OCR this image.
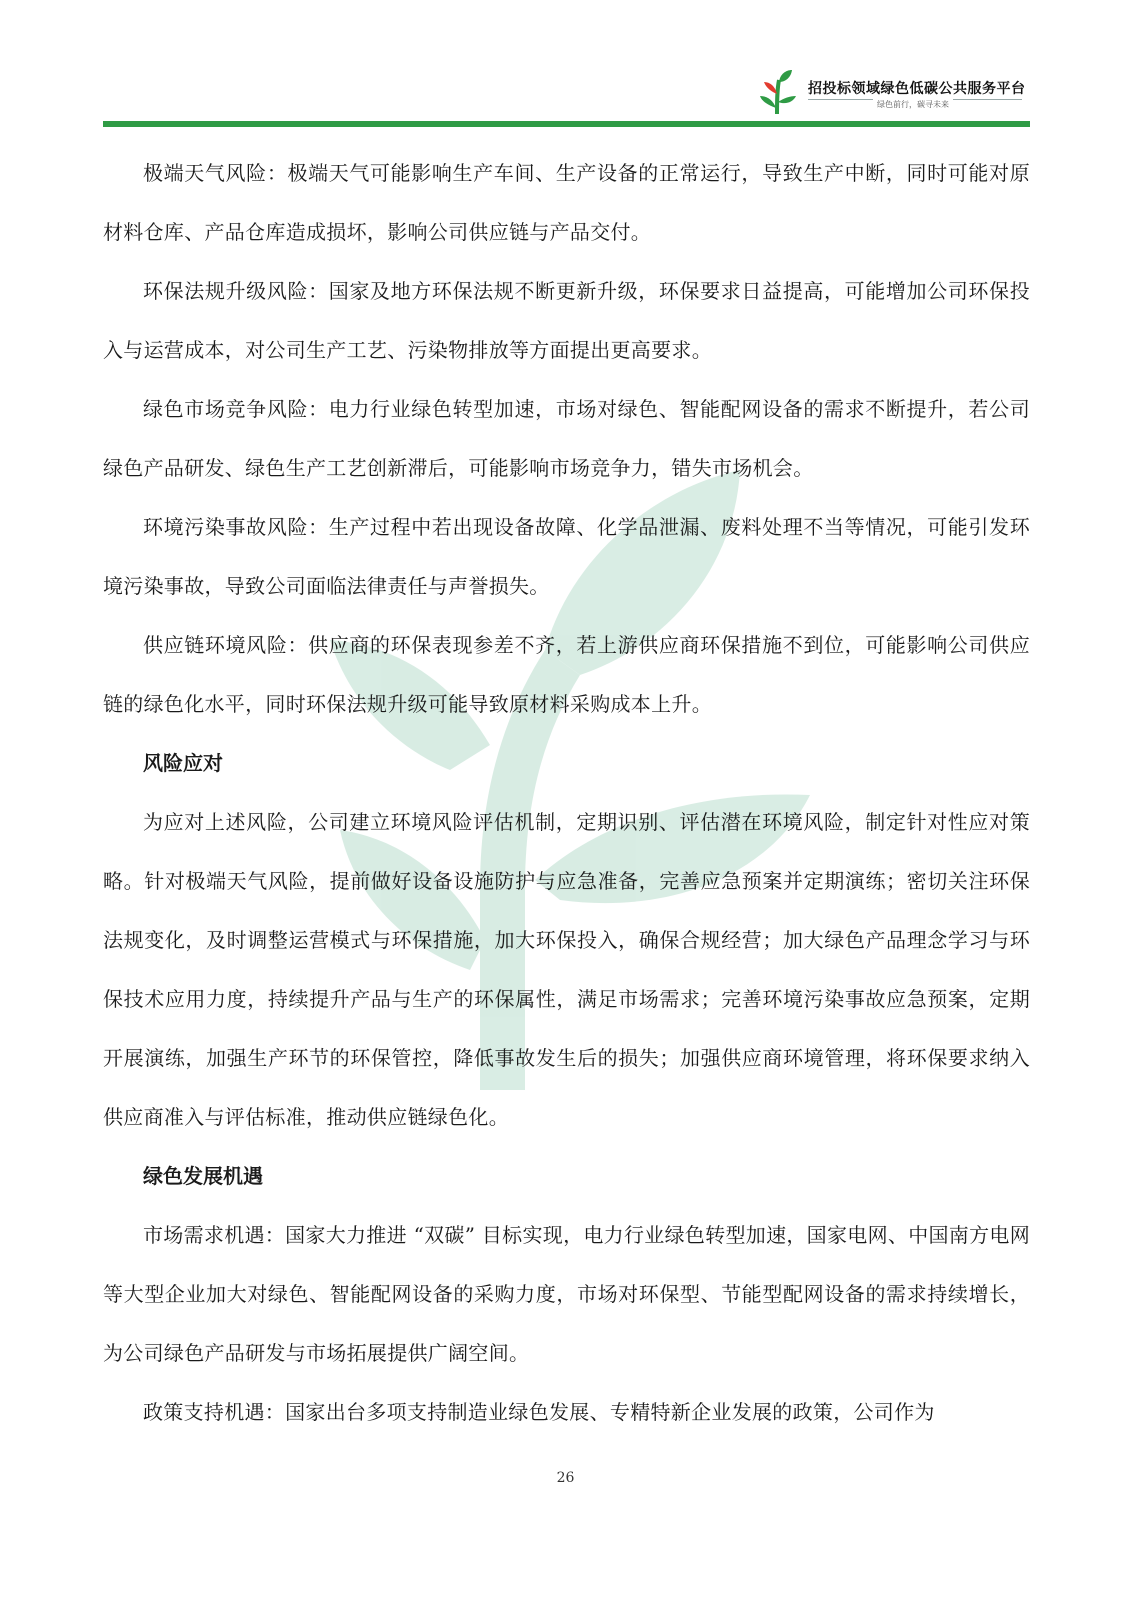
招投标领域绿色低碳公共服务平台
绿色前行，碳寻未来

极端天气风险：极端天气可能影响生产车间、生产设备的正常运行，导致生产中断，同时可能对原材料仓库、产品仓库造成损坏，影响公司供应链与产品交付。

环保法规升级风险：国家及地方环保法规不断更新升级，环保要求日益提高，可能增加公司环保投入与运营成本，对公司生产工艺、污染物排放等方面提出更高要求。

绿色市场竞争风险：电力行业绿色转型加速，市场对绿色、智能配网设备的需求不断提升，若公司绿色产品研发、绿色生产工艺创新滞后，可能影响市场竞争力，错失市场机会。

环境污染事故风险：生产过程中若出现设备故障、化学品泄漏、废料处理不当等情况，可能引发环境污染事故，导致公司面临法律责任与声誉损失。

供应链环境风险：供应商的环保表现参差不齐，若上游供应商环保措施不到位，可能影响公司供应链的绿色化水平，同时环保法规升级可能导致原材料采购成本上升。

风险应对

为应对上述风险，公司建立环境风险评估机制，定期识别、评估潜在环境风险，制定针对性应对策略。针对极端天气风险，提前做好设备设施防护与应急准备，完善应急预案并定期演练；密切关注环保法规变化，及时调整运营模式与环保措施，加大环保投入，确保合规经营；加大绿色产品理念学习与环保技术应用力度，持续提升产品与生产的环保属性，满足市场需求；完善环境污染事故应急预案，定期开展演练，加强生产环节的环保管控，降低事故发生后的损失；加强供应商环境管理，将环保要求纳入供应商准入与评估标准，推动供应链绿色化。

绿色发展机遇

市场需求机遇：国家大力推进 “双碳” 目标实现，电力行业绿色转型加速，国家电网、中国南方电网等大型企业加大对绿色、智能配网设备的采购力度，市场对环保型、节能型配网设备的需求持续增长，为公司绿色产品研发与市场拓展提供广阔空间。

政策支持机遇：国家出台多项支持制造业绿色发展、专精特新企业发展的政策，公司作为

26
